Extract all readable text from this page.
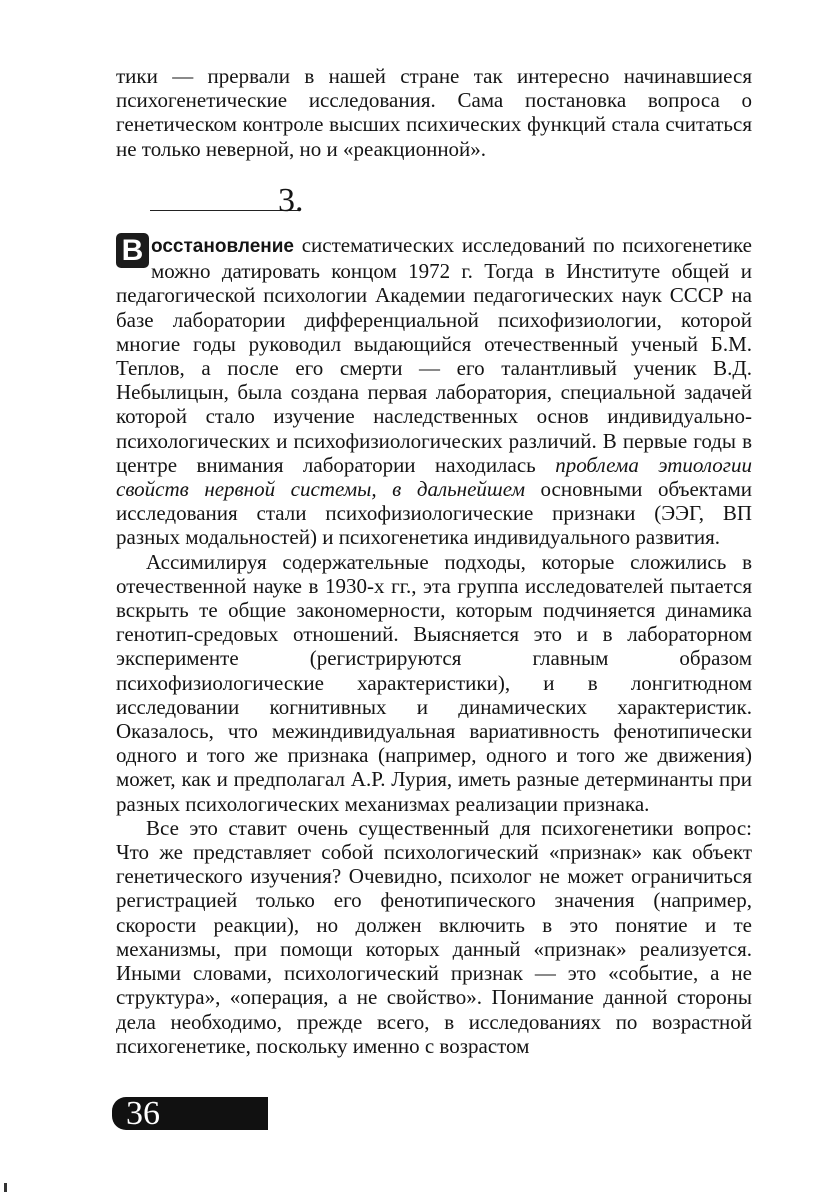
тики — прервали в нашей стране так интересно начинавшиеся психогенетические исследования. Сама постановка вопроса о генетическом контроле высших психических функций стала считаться не только неверной, но и «реакционной».

3.

В осстановление систематических исследований по психогенетике можно датировать концом 1972 г. Тогда в Институте общей и педагогической психологии Академии педагогических наук СССР на базе лаборатории дифференциальной психофизиологии, которой многие годы руководил выдающийся отечественный ученый Б.М. Теплов, а после его смерти — его талантливый ученик В.Д. Небылицын, была создана первая лаборатория, специальной задачей которой стало изучение наследственных основ индивидуально-психологических и психофизиологических различий. В первые годы в центре внимания лаборатории находилась проблема этиологии свойств нервной системы, в дальнейшем основными объектами исследования стали психофизиологические признаки (ЭЭГ, ВП разных модальностей) и психогенетика индивидуального развития.

Ассимилируя содержательные подходы, которые сложились в отечественной науке в 1930-х гг., эта группа исследователей пытается вскрыть те общие закономерности, которым подчиняется динамика генотип-средовых отношений. Выясняется это и в лабораторном эксперименте (регистрируются главным образом психофизиологические характеристики), и в лонгитюдном исследовании когнитивных и динамических характеристик. Оказалось, что межиндивидуальная вариативность фенотипически одного и того же признака (например, одного и того же движения) может, как и предполагал А.Р. Лурия, иметь разные детерминанты при разных психологических механизмах реализации признака.

Все это ставит очень существенный для психогенетики вопрос: Что же представляет собой психологический «признак» как объект генетического изучения? Очевидно, психолог не может ограничиться регистрацией только его фенотипического значения (например, скорости реакции), но должен включить в это понятие и те механизмы, при помощи которых данный «признак» реализуется. Иными словами, психологический признак — это «событие, а не структура», «операция, а не свойство». Понимание данной стороны дела необходимо, прежде всего, в исследованиях по возрастной психогенетике, поскольку именно с возрастом

36
